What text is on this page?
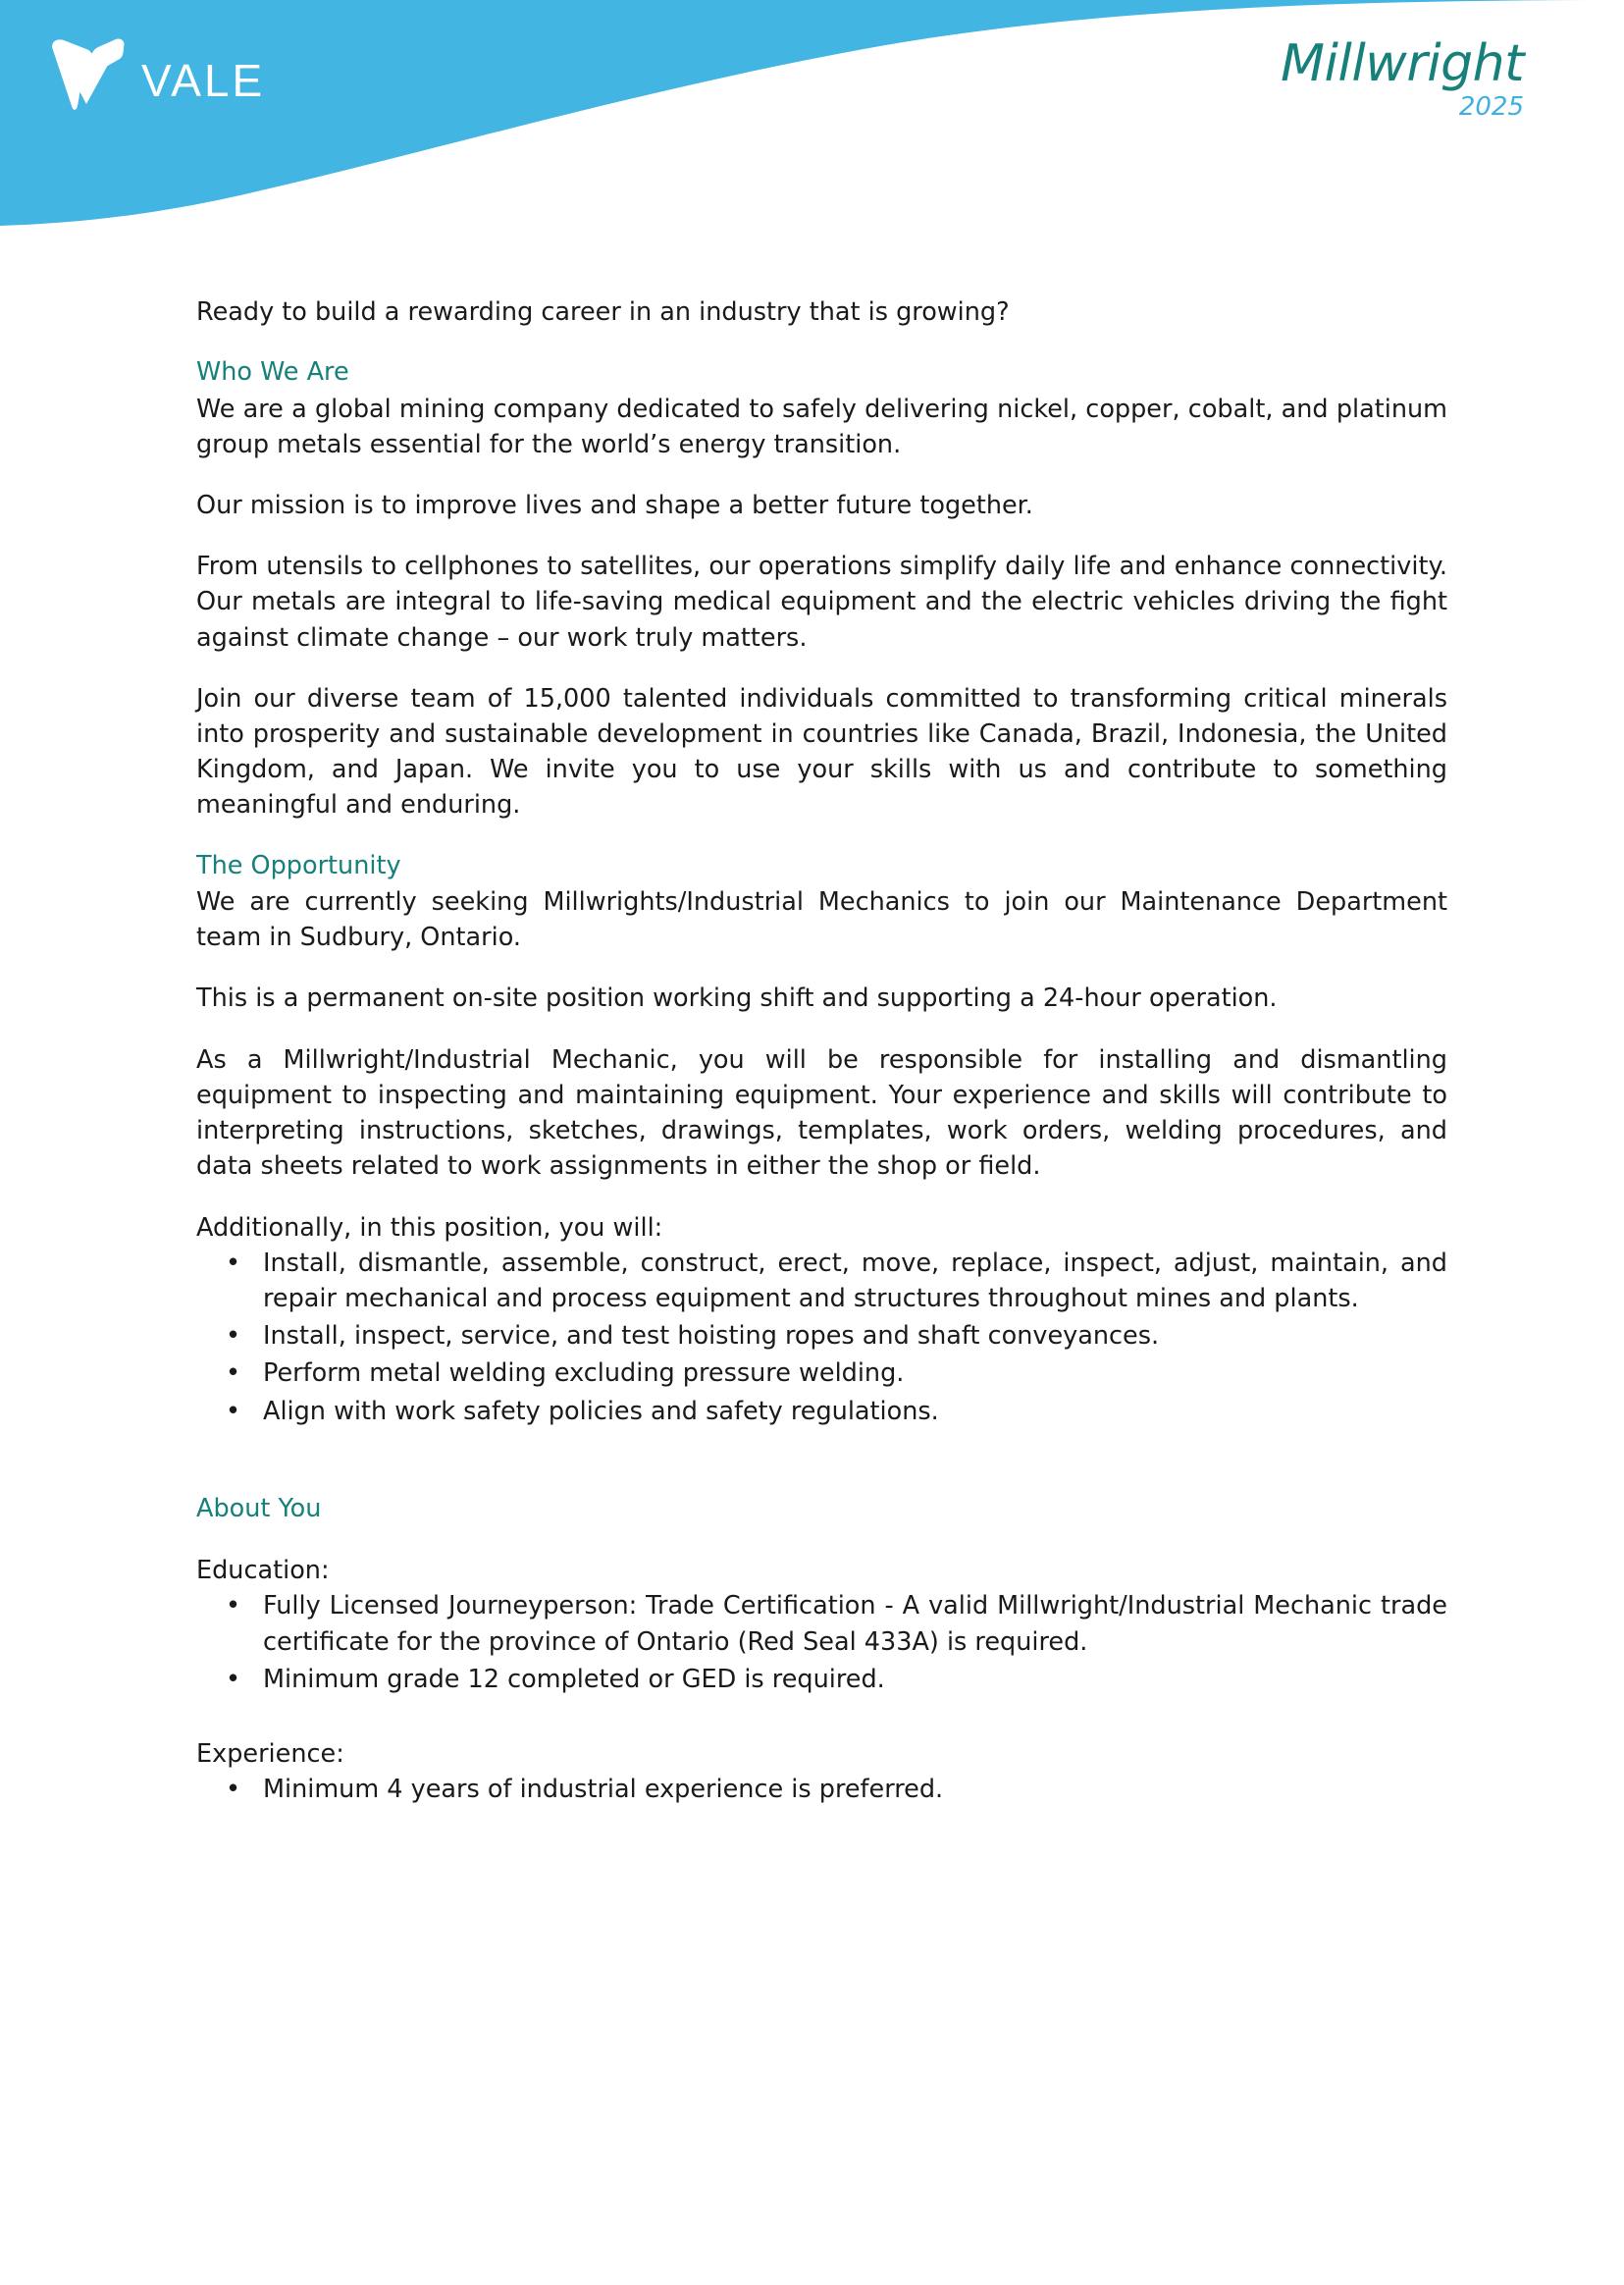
VALE	Millwright
2025

Ready to build a rewarding career in an industry that is growing?

Who We Are

We are a global mining company dedicated to safely delivering nickel, copper, cobalt, and platinum group metals essential for the world’s energy transition.

Our mission is to improve lives and shape a better future together.

From utensils to cellphones to satellites, our operations simplify daily life and enhance connectivity. Our metals are integral to life-saving medical equipment and the electric vehicles driving the fight against climate change – our work truly matters.

Join our diverse team of 15,000 talented individuals committed to transforming critical minerals into prosperity and sustainable development in countries like Canada, Brazil, Indonesia, the United Kingdom, and Japan. We invite you to use your skills with us and contribute to something meaningful and enduring.

The Opportunity

We are currently seeking Millwrights/Industrial Mechanics to join our Maintenance Department team in Sudbury, Ontario.

This is a permanent on-site position working shift and supporting a 24-hour operation.

As a Millwright/Industrial Mechanic, you will be responsible for installing and dismantling equipment to inspecting and maintaining equipment. Your experience and skills will contribute to interpreting instructions, sketches, drawings, templates, work orders, welding procedures, and data sheets related to work assignments in either the shop or field.

Additionally, in this position, you will:

• Install, dismantle, assemble, construct, erect, move, replace, inspect, adjust, maintain, and repair mechanical and process equipment and structures throughout mines and plants.
• Install, inspect, service, and test hoisting ropes and shaft conveyances.
• Perform metal welding excluding pressure welding.
• Align with work safety policies and safety regulations.
About You

Education:

• Fully Licensed Journeyperson: Trade Certification - A valid Millwright/Industrial Mechanic trade certificate for the province of Ontario (Red Seal 433A) is required.
• Minimum grade 12 completed or GED is required.

Experience:

• Minimum 4 years of industrial experience is preferred.
